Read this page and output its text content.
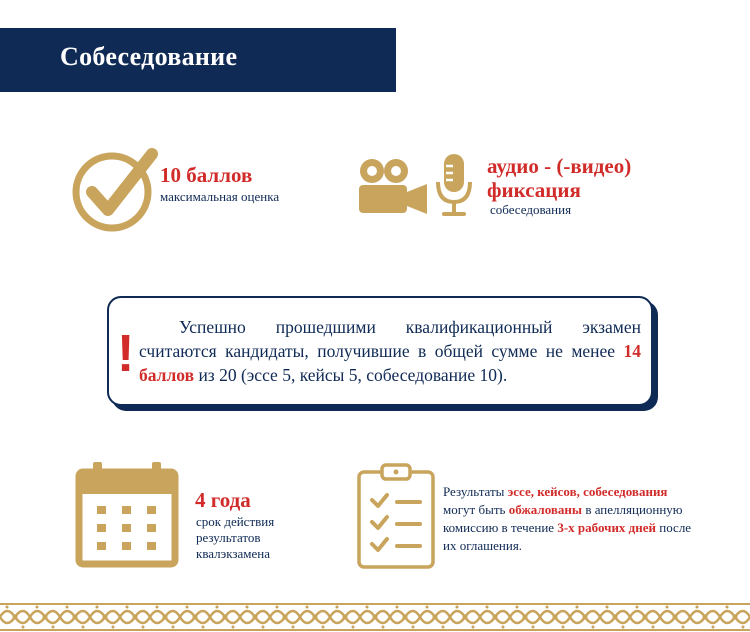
Собеседование
10 баллов
максимальная оценка
аудио - (-видео)
фиксация
собеседования
!	Успешно прошедшими квалификационный экзамен считаются кандидаты, получившие в общей сумме не менее 14 баллов из 20 (эссе 5, кейсы 5, собеседование 10).
4 года
срок действия
результатов
квалэкзамена
Результаты эссе, кейсов, собеседования могут быть обжалованы в апелляционную комиссию в течение 3-х рабочих дней после их оглашения.
